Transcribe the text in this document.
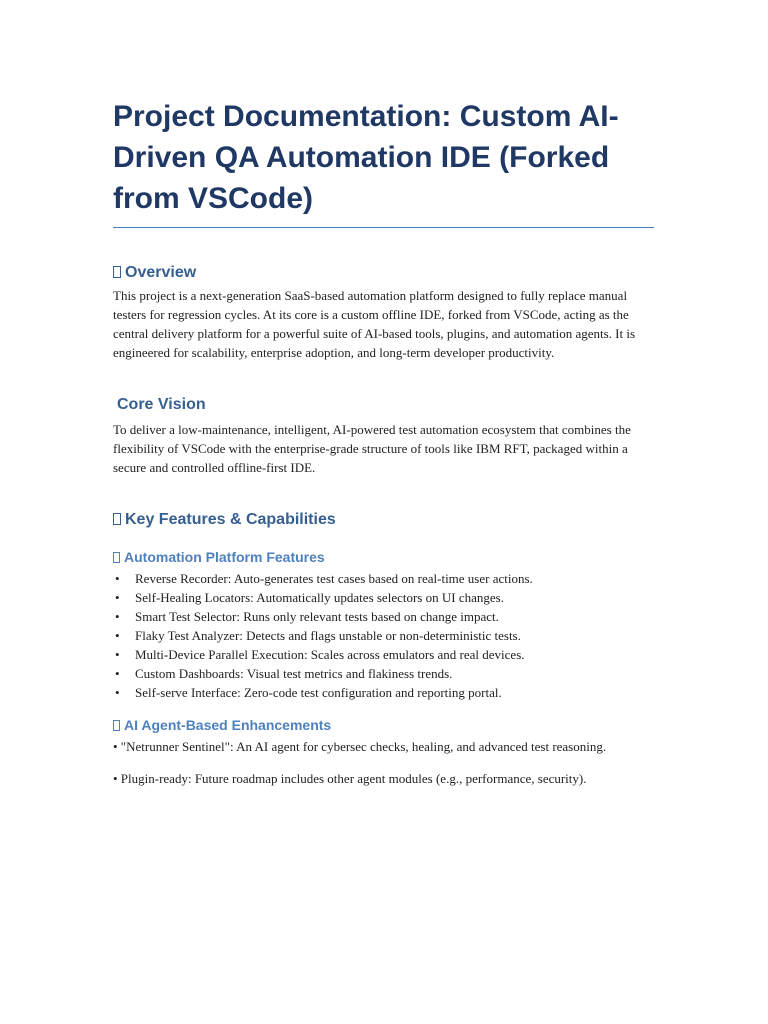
Project Documentation: Custom AI-Driven QA Automation IDE (Forked from VSCode)
Overview

This project is a next-generation SaaS-based automation platform designed to fully replace manual testers for regression cycles. At its core is a custom offline IDE, forked from VSCode, acting as the central delivery platform for a powerful suite of AI-based tools, plugins, and automation agents. It is engineered for scalability, enterprise adoption, and long-term developer productivity.

Core Vision

To deliver a low-maintenance, intelligent, AI-powered test automation ecosystem that combines the flexibility of VSCode with the enterprise-grade structure of tools like IBM RFT, packaged within a secure and controlled offline-first IDE.

Key Features & Capabilities
Automation Platform Features
• Reverse Recorder: Auto-generates test cases based on real-time user actions.
• Self-Healing Locators: Automatically updates selectors on UI changes.
• Smart Test Selector: Runs only relevant tests based on change impact.
• Flaky Test Analyzer: Detects and flags unstable or non-deterministic tests.
• Multi-Device Parallel Execution: Scales across emulators and real devices.
• Custom Dashboards: Visual test metrics and flakiness trends.
• Self-serve Interface: Zero-code test configuration and reporting portal.
AI Agent-Based Enhancements

• "Netrunner Sentinel": An AI agent for cybersec checks, healing, and advanced test reasoning.

• Plugin-ready: Future roadmap includes other agent modules (e.g., performance, security).
